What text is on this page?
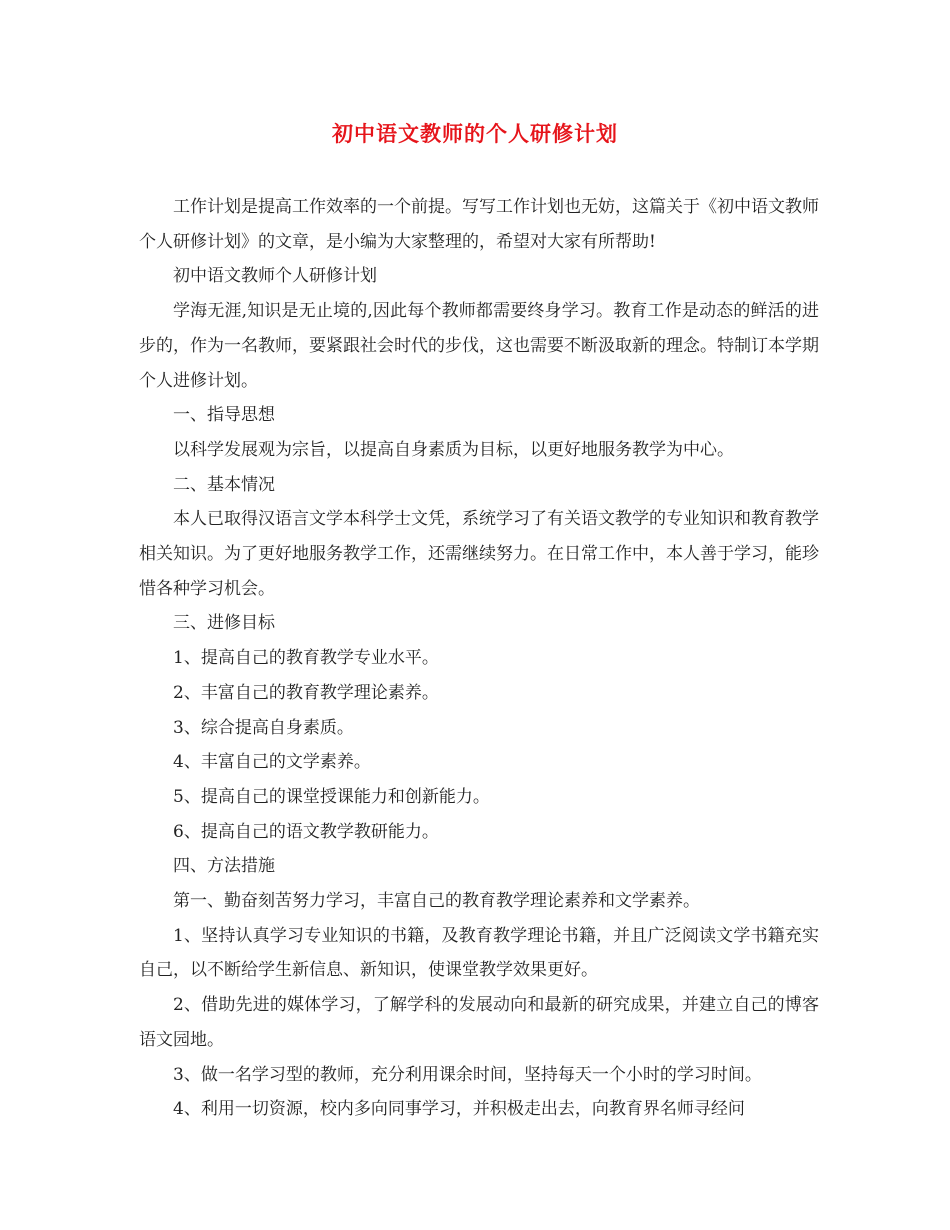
初中语文教师的个人研修计划

工作计划是提高工作效率的一个前提。写写工作计划也无妨，这篇关于《初中语文教师个人研修计划》的文章，是小编为大家整理的，希望对大家有所帮助!

初中语文教师个人研修计划

学海无涯,知识是无止境的,因此每个教师都需要终身学习。教育工作是动态的鲜活的进步的，作为一名教师，要紧跟社会时代的步伐，这也需要不断汲取新的理念。特制订本学期个人进修计划。

一、指导思想

以科学发展观为宗旨，以提高自身素质为目标，以更好地服务教学为中心。

二、基本情况

本人已取得汉语言文学本科学士文凭，系统学习了有关语文教学的专业知识和教育教学相关知识。为了更好地服务教学工作，还需继续努力。在日常工作中，本人善于学习，能珍惜各种学习机会。

三、进修目标

1、提高自己的教育教学专业水平。

2、丰富自己的教育教学理论素养。

3、综合提高自身素质。

4、丰富自己的文学素养。

5、提高自己的课堂授课能力和创新能力。

6、提高自己的语文教学教研能力。

四、方法措施

第一、勤奋刻苦努力学习，丰富自己的教育教学理论素养和文学素养。

1、坚持认真学习专业知识的书籍，及教育教学理论书籍，并且广泛阅读文学书籍充实自己，以不断给学生新信息、新知识，使课堂教学效果更好。

2、借助先进的媒体学习，了解学科的发展动向和最新的研究成果，并建立自己的博客语文园地。

3、做一名学习型的教师，充分利用课余时间，坚持每天一个小时的学习时间。

4、利用一切资源，校内多向同事学习，并积极走出去，向教育界名师寻经问
